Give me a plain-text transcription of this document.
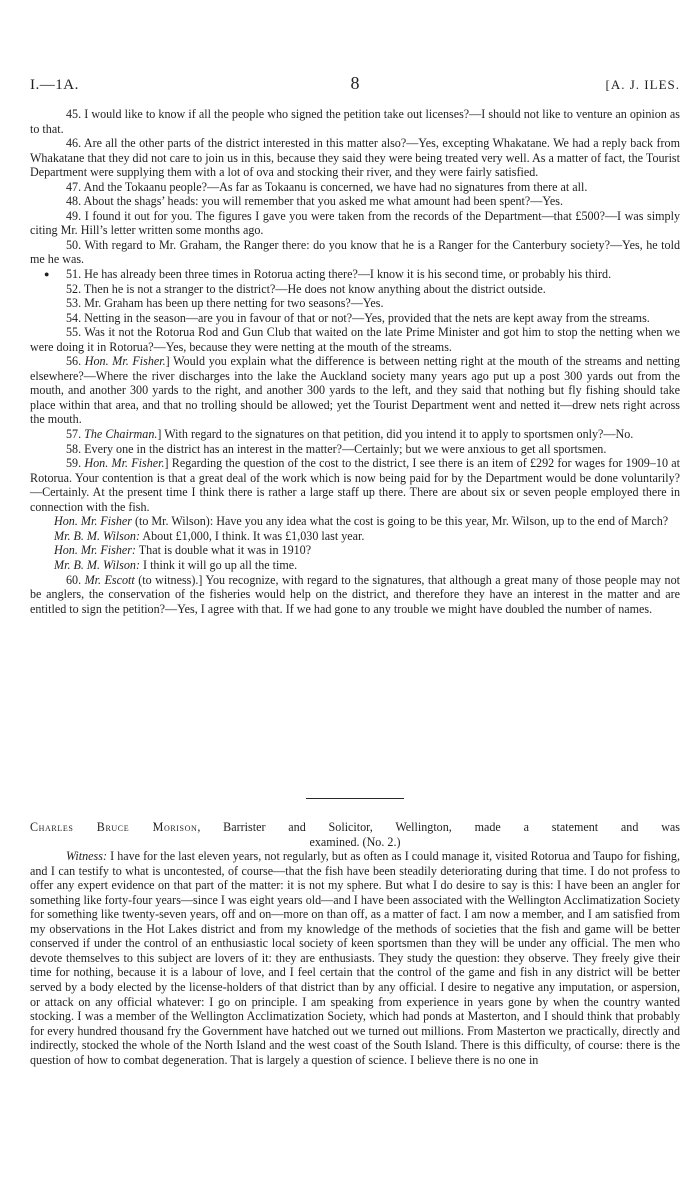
I.—1A.	8	[A. J. ILES.

45. I would like to know if all the people who signed the petition take out licenses?—I should not like to venture an opinion as to that.

46. Are all the other parts of the district interested in this matter also?—Yes, excepting Whakatane. We had a reply back from Whakatane that they did not care to join us in this, because they said they were being treated very well. As a matter of fact, the Tourist Department were supplying them with a lot of ova and stocking their river, and they were fairly satisfied.

47. And the Tokaanu people?—As far as Tokaanu is concerned, we have had no signatures from there at all.

48. About the shags’ heads: you will remember that you asked me what amount had been spent?—Yes.

49. I found it out for you. The figures I gave you were taken from the records of the Department—that £500?—I was simply citing Mr. Hill’s letter written some months ago.

50. With regard to Mr. Graham, the Ranger there: do you know that he is a Ranger for the Canterbury society?—Yes, he told me he was.

● 51. He has already been three times in Rotorua acting there?—I know it is his second time, or probably his third.

52. Then he is not a stranger to the district?—He does not know anything about the district outside.

53. Mr. Graham has been up there netting for two seasons?—Yes.

54. Netting in the season—are you in favour of that or not?—Yes, provided that the nets are kept away from the streams.

55. Was it not the Rotorua Rod and Gun Club that waited on the late Prime Minister and got him to stop the netting when we were doing it in Rotorua?—Yes, because they were netting at the mouth of the streams.

56. Hon. Mr. Fisher.] Would you explain what the difference is between netting right at the mouth of the streams and netting elsewhere?—Where the river discharges into the lake the Auckland society many years ago put up a post 300 yards out from the mouth, and another 300 yards to the right, and another 300 yards to the left, and they said that nothing but fly fishing should take place within that area, and that no trolling should be allowed; yet the Tourist Department went and netted it—drew nets right across the mouth.

57. The Chairman.] With regard to the signatures on that petition, did you intend it to apply to sportsmen only?—No.

58. Every one in the district has an interest in the matter?—Certainly; but we were anxious to get all sportsmen.

59. Hon. Mr. Fisher.] Regarding the question of the cost to the district, I see there is an item of £292 for wages for 1909–10 at Rotorua. Your contention is that a great deal of the work which is now being paid for by the Department would be done voluntarily?—Certainly. At the present time I think there is rather a large staff up there. There are about six or seven people employed there in connection with the fish.

Hon. Mr. Fisher (to Mr. Wilson): Have you any idea what the cost is going to be this year, Mr. Wilson, up to the end of March?

Mr. B. M. Wilson: About £1,000, I think. It was £1,030 last year.

Hon. Mr. Fisher: That is double what it was in 1910?

Mr. B. M. Wilson: I think it will go up all the time.

60. Mr. Escott (to witness).] You recognize, with regard to the signatures, that although a great many of those people may not be anglers, the conservation of the fisheries would help on the district, and therefore they have an interest in the matter and are entitled to sign the petition?—Yes, I agree with that. If we had gone to any trouble we might have doubled the number of names.

Charles Bruce Morison, Barrister and Solicitor, Wellington, made a statement and was

examined. (No. 2.)

Witness: I have for the last eleven years, not regularly, but as often as I could manage it, visited Rotorua and Taupo for fishing, and I can testify to what is uncontested, of course—that the fish have been steadily deteriorating during that time. I do not profess to offer any expert evidence on that part of the matter: it is not my sphere. But what I do desire to say is this: I have been an angler for something like forty-four years—since I was eight years old—and I have been associated with the Wellington Acclimatization Society for something like twenty-seven years, off and on—more on than off, as a matter of fact. I am now a member, and I am satisfied from my observations in the Hot Lakes district and from my knowledge of the methods of societies that the fish and game will be better conserved if under the control of an enthusiastic local society of keen sportsmen than they will be under any official. The men who devote themselves to this subject are lovers of it: they are enthusiasts. They study the question: they observe. They freely give their time for nothing, because it is a labour of love, and I feel certain that the control of the game and fish in any district will be better served by a body elected by the license-holders of that district than by any official. I desire to negative any imputation, or aspersion, or attack on any official whatever: I go on principle. I am speaking from experience in years gone by when the country wanted stocking. I was a member of the Wellington Acclimatization Society, which had ponds at Masterton, and I should think that probably for every hundred thousand fry the Government have hatched out we turned out millions. From Masterton we practically, directly and indirectly, stocked the whole of the North Island and the west coast of the South Island. There is this difficulty, of course: there is the question of how to combat degeneration. That is largely a question of science. I believe there is no one in
